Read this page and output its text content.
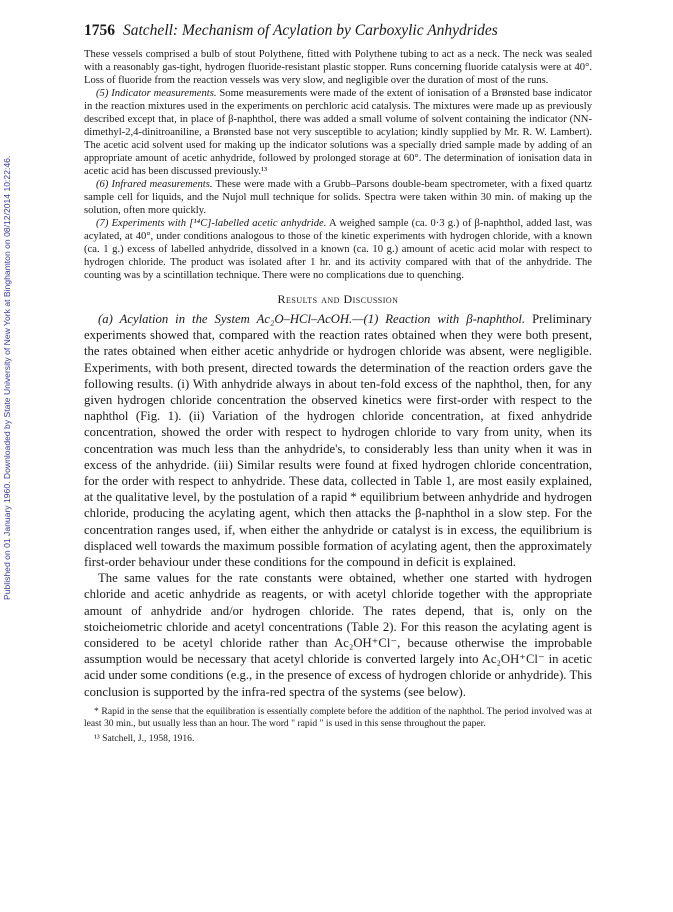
Published on 01 January 1960. Downloaded by State University of New York at Binghamton on 08/12/2014 10:22:46.
1756 Satchell: Mechanism of Acylation by Carboxylic Anhydrides

These vessels comprised a bulb of stout Polythene, fitted with Polythene tubing to act as a neck. The neck was sealed with a reasonably gas-tight, hydrogen fluoride-resistant plastic stopper. Runs concerning fluoride catalysis were at 40°. Loss of fluoride from the reaction vessels was very slow, and negligible over the duration of most of the runs.

(5) Indicator measurements. Some measurements were made of the extent of ionisation of a Brønsted base indicator in the reaction mixtures used in the experiments on perchloric acid catalysis. The mixtures were made up as previously described except that, in place of β-naphthol, there was added a small volume of solvent containing the indicator (NN-dimethyl-2,4-dinitroaniline, a Brønsted base not very susceptible to acylation; kindly supplied by Mr. R. W. Lambert). The acetic acid solvent used for making up the indicator solutions was a specially dried sample made by adding of an appropriate amount of acetic anhydride, followed by prolonged storage at 60°. The determination of ionisation data in acetic acid has been discussed previously.¹³

(6) Infrared measurements. These were made with a Grubb–Parsons double-beam spectrometer, with a fixed quartz sample cell for liquids, and the Nujol mull technique for solids. Spectra were taken within 30 min. of making up the solution, often more quickly.

(7) Experiments with [¹⁴C]-labelled acetic anhydride. A weighed sample (ca. 0·3 g.) of β-naphthol, added last, was acylated, at 40°, under conditions analogous to those of the kinetic experiments with hydrogen chloride, with a known (ca. 1 g.) excess of labelled anhydride, dissolved in a known (ca. 10 g.) amount of acetic acid molar with respect to hydrogen chloride. The product was isolated after 1 hr. and its activity compared with that of the anhydride. The counting was by a scintillation technique. There were no complications due to quenching.

Results and Discussion

(a) Acylation in the System Ac₂O–HCl–AcOH.—(1) Reaction with β-naphthol. Preliminary experiments showed that, compared with the reaction rates obtained when they were both present, the rates obtained when either acetic anhydride or hydrogen chloride was absent, were negligible. Experiments, with both present, directed towards the determination of the reaction orders gave the following results. (i) With anhydride always in about ten-fold excess of the naphthol, then, for any given hydrogen chloride concentration the observed kinetics were first-order with respect to the naphthol (Fig. 1). (ii) Variation of the hydrogen chloride concentration, at fixed anhydride concentration, showed the order with respect to hydrogen chloride to vary from unity, when its concentration was much less than the anhydride's, to considerably less than unity when it was in excess of the anhydride. (iii) Similar results were found at fixed hydrogen chloride concentration, for the order with respect to anhydride. These data, collected in Table 1, are most easily explained, at the qualitative level, by the postulation of a rapid * equilibrium between anhydride and hydrogen chloride, producing the acylating agent, which then attacks the β-naphthol in a slow step. For the concentration ranges used, if, when either the anhydride or catalyst is in excess, the equilibrium is displaced well towards the maximum possible formation of acylating agent, then the approximately first-order behaviour under these conditions for the compound in deficit is explained.

The same values for the rate constants were obtained, whether one started with hydrogen chloride and acetic anhydride as reagents, or with acetyl chloride together with the appropriate amount of anhydride and/or hydrogen chloride. The rates depend, that is, only on the stoicheiometric chloride and acetyl concentrations (Table 2). For this reason the acylating agent is considered to be acetyl chloride rather than Ac₂OH⁺Cl⁻, because otherwise the improbable assumption would be necessary that acetyl chloride is converted largely into Ac₂OH⁺Cl⁻ in acetic acid under some conditions (e.g., in the presence of excess of hydrogen chloride or anhydride). This conclusion is supported by the infra-red spectra of the systems (see below).

* Rapid in the sense that the equilibration is essentially complete before the addition of the naphthol. The period involved was at least 30 min., but usually less than an hour. The word " rapid " is used in this sense throughout the paper.

¹³ Satchell, J., 1958, 1916.
